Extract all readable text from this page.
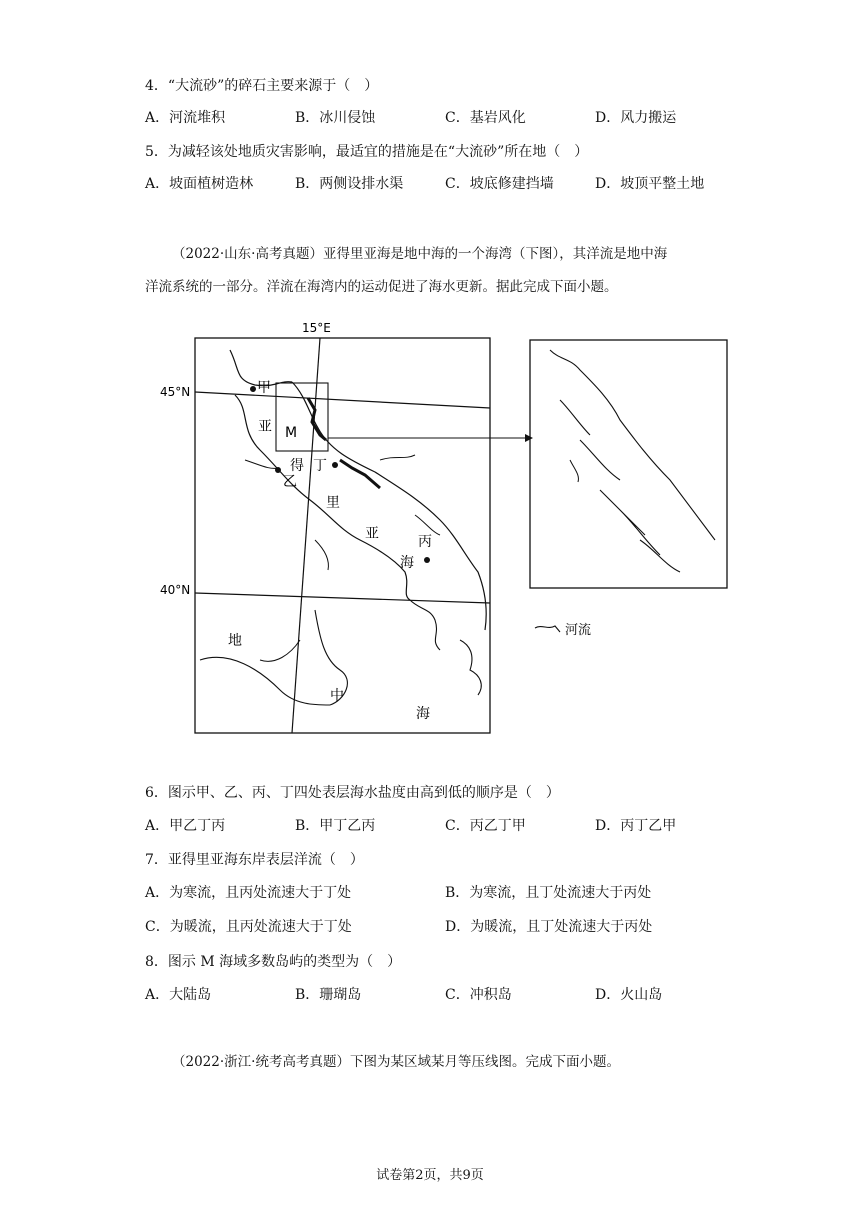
4．“大流砂”的碎石主要来源于（　）
A．河流堆积	B．冰川侵蚀	C．基岩风化	D．风力搬运
5．为减轻该处地质灾害影响，最适宜的措施是在“大流砂”所在地（　）
A．坡面植树造林	B．两侧设排水渠	C．坡底修建挡墙	D．坡顶平整土地
（2022·山东·高考真题）亚得里亚海是地中海的一个海湾（下图），其洋流是地中海
洋流系统的一部分。洋流在海湾内的运动促进了海水更新。据此完成下面小题。
15°E
45°N
40°N
甲
乙
丙
丁
M
亚
得
里
亚
海
地
中
海
河流
6．图示甲、乙、丙、丁四处表层海水盐度由高到低的顺序是（　）
A．甲乙丁丙	B．甲丁乙丙	C．丙乙丁甲	D．丙丁乙甲
7．亚得里亚海东岸表层洋流（　）
A．为寒流，且丙处流速大于丁处	B．为寒流，且丁处流速大于丙处
C．为暖流，且丙处流速大于丁处	D．为暖流，且丁处流速大于丙处
8．图示 M 海域多数岛屿的类型为（　）
A．大陆岛	B．珊瑚岛	C．冲积岛	D．火山岛
（2022·浙江·统考高考真题）下图为某区域某月等压线图。完成下面小题。
试卷第2页，共9页
